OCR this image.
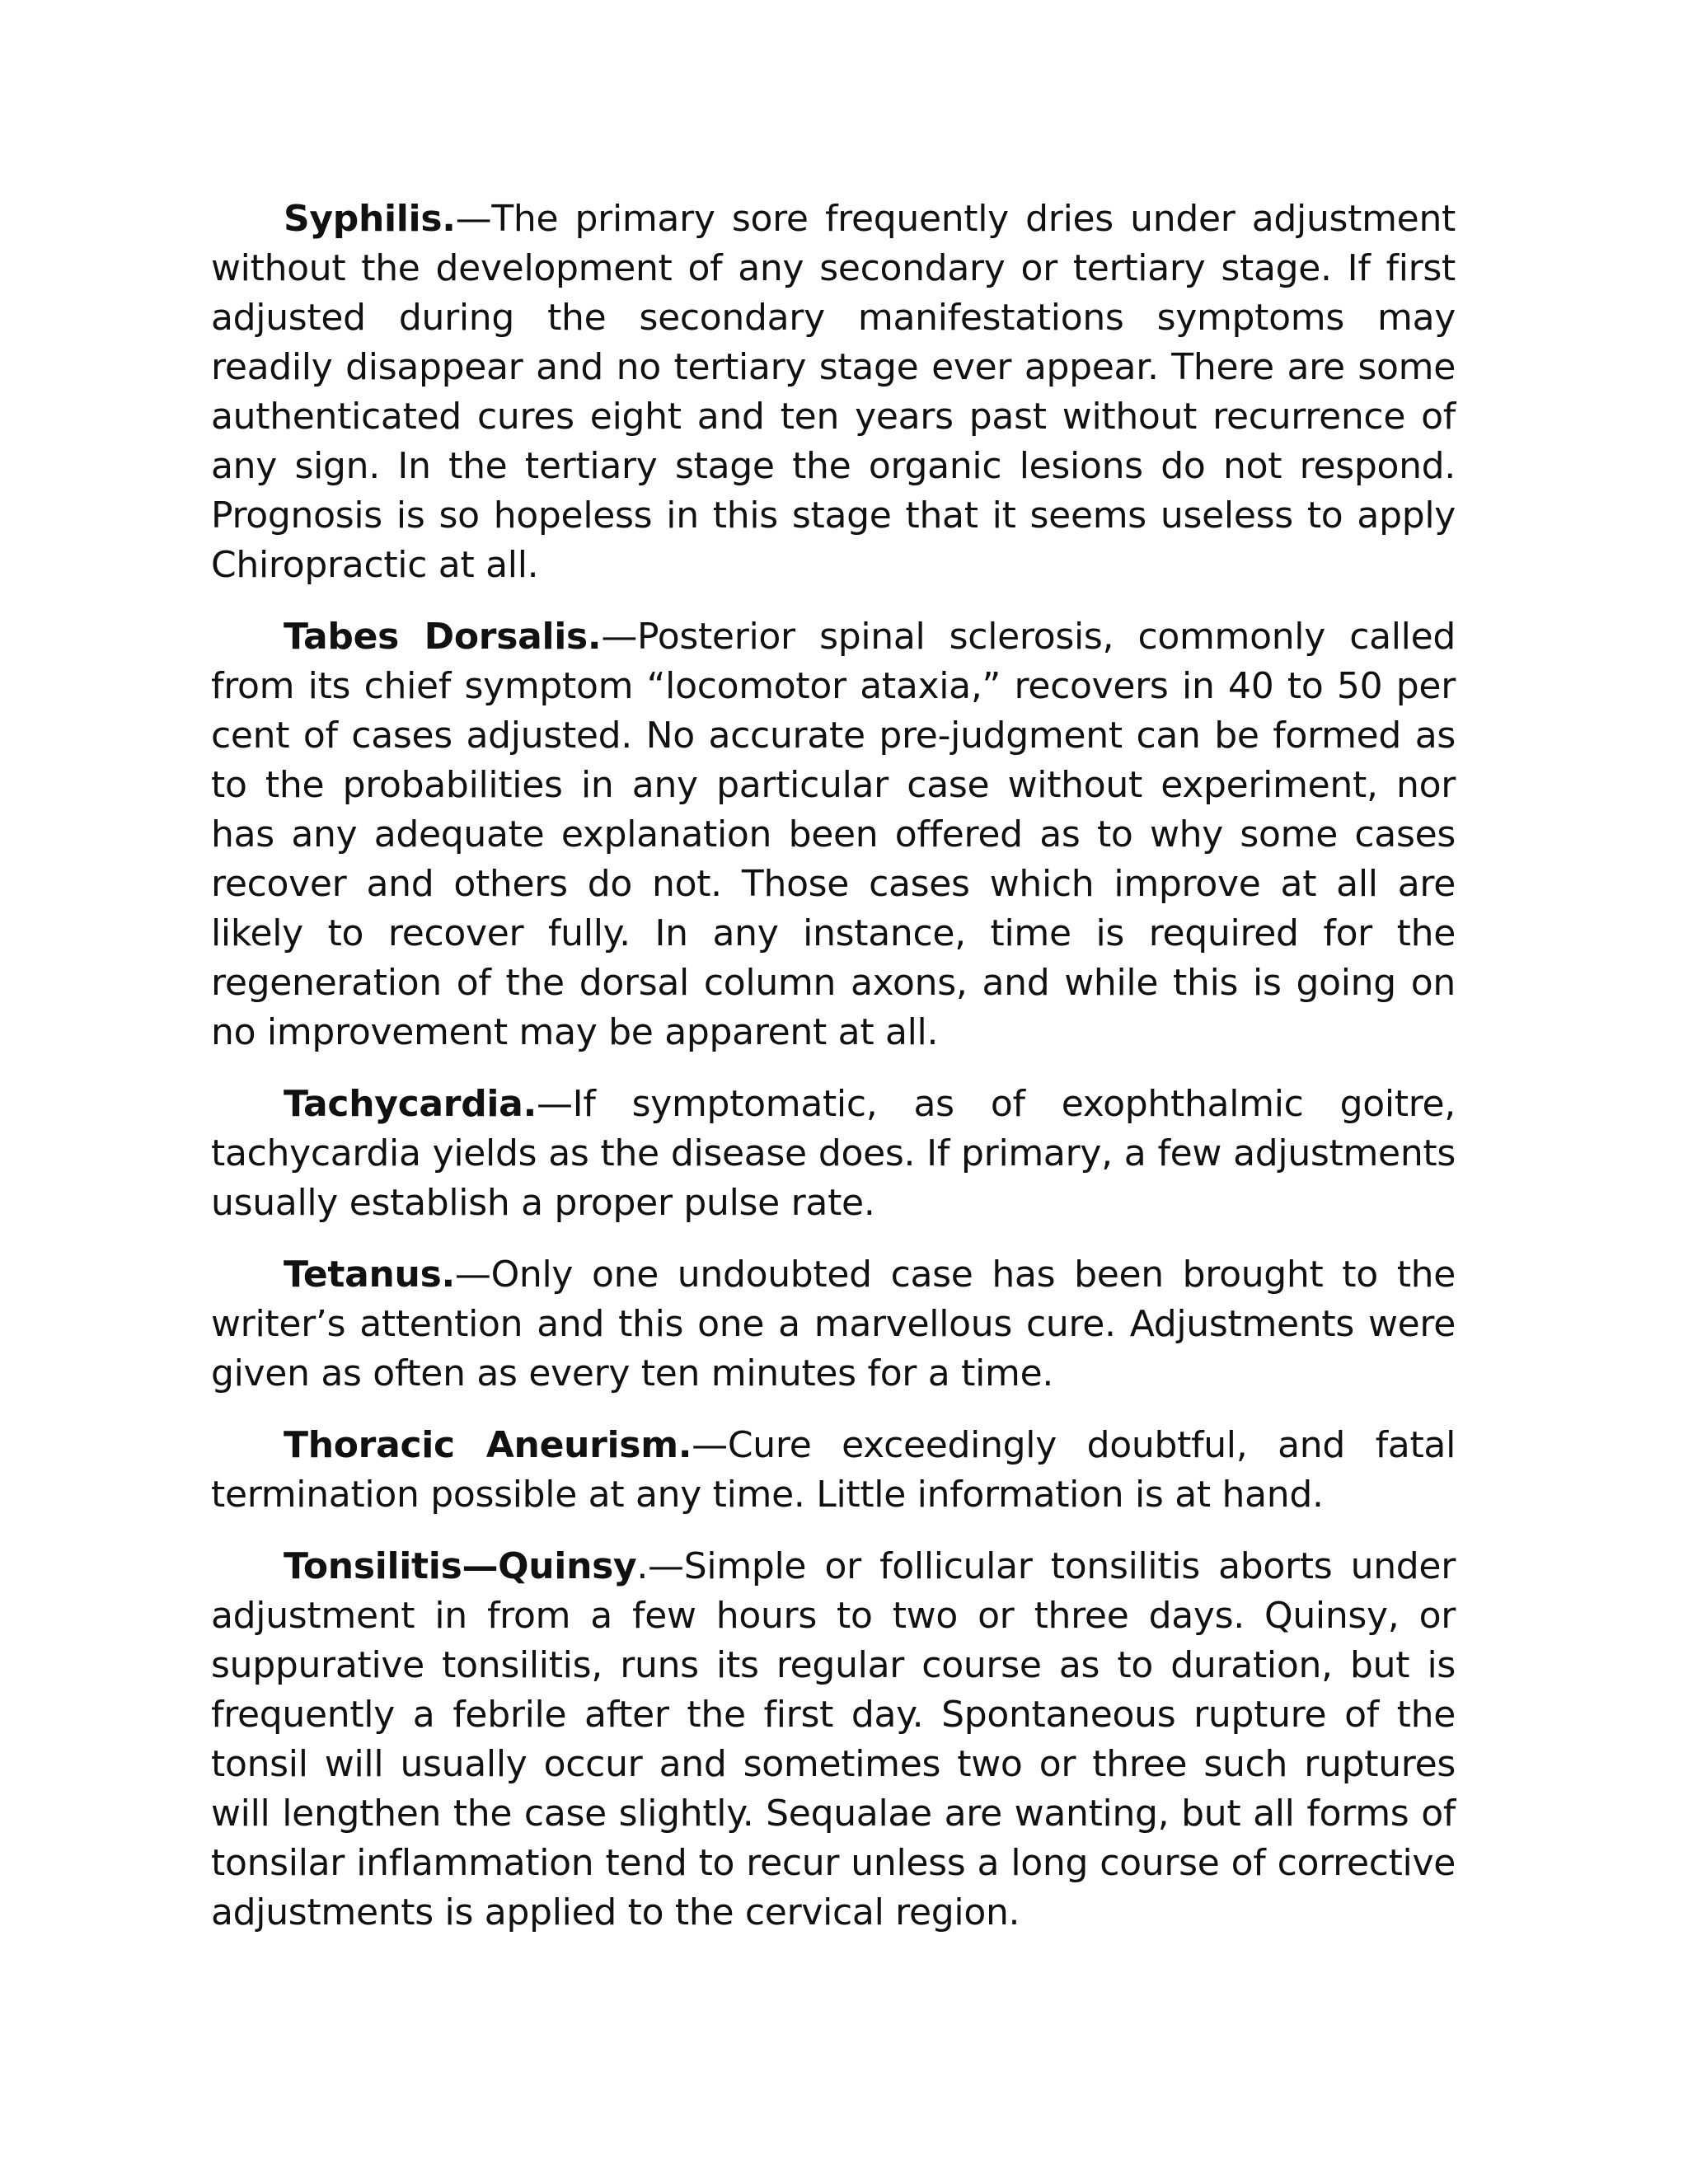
Syphilis.—The primary sore frequently dries under adjustment without the development of any secondary or tertiary stage. If first adjusted during the secondary manifestations symptoms may readily disappear and no tertiary stage ever appear. There are some authenticated cures eight and ten years past without recurrence of any sign. In the tertiary stage the organic lesions do not respond. Prognosis is so hopeless in this stage that it seems useless to apply Chiropractic at all.

Tabes Dorsalis.—Posterior spinal sclerosis, commonly called from its chief symptom “locomotor ataxia,” recovers in 40 to 50 per cent of cases adjusted. No accurate pre-judgment can be formed as to the probabilities in any particular case without experiment, nor has any adequate explanation been offered as to why some cases recover and others do not. Those cases which improve at all are likely to recover fully. In any instance, time is required for the regeneration of the dorsal column axons, and while this is going on no improvement may be apparent at all.

Tachycardia.—If symptomatic, as of exophthalmic goitre, tachycardia yields as the disease does. If primary, a few adjustments usually establish a proper pulse rate.

Tetanus.—Only one undoubted case has been brought to the writer’s attention and this one a marvellous cure. Adjustments were given as often as every ten minutes for a time.

Thoracic Aneurism.—Cure exceedingly doubtful, and fatal termination possible at any time. Little information is at hand.

Tonsilitis—Quinsy.—Simple or follicular tonsilitis aborts under adjustment in from a few hours to two or three days. Quinsy, or suppurative tonsilitis, runs its regular course as to duration, but is frequently a febrile after the first day. Spontaneous rupture of the tonsil will usually occur and sometimes two or three such ruptures will lengthen the case slightly. Sequalae are wanting, but all forms of tonsilar inflammation tend to recur unless a long course of corrective adjustments is applied to the cervical region.
